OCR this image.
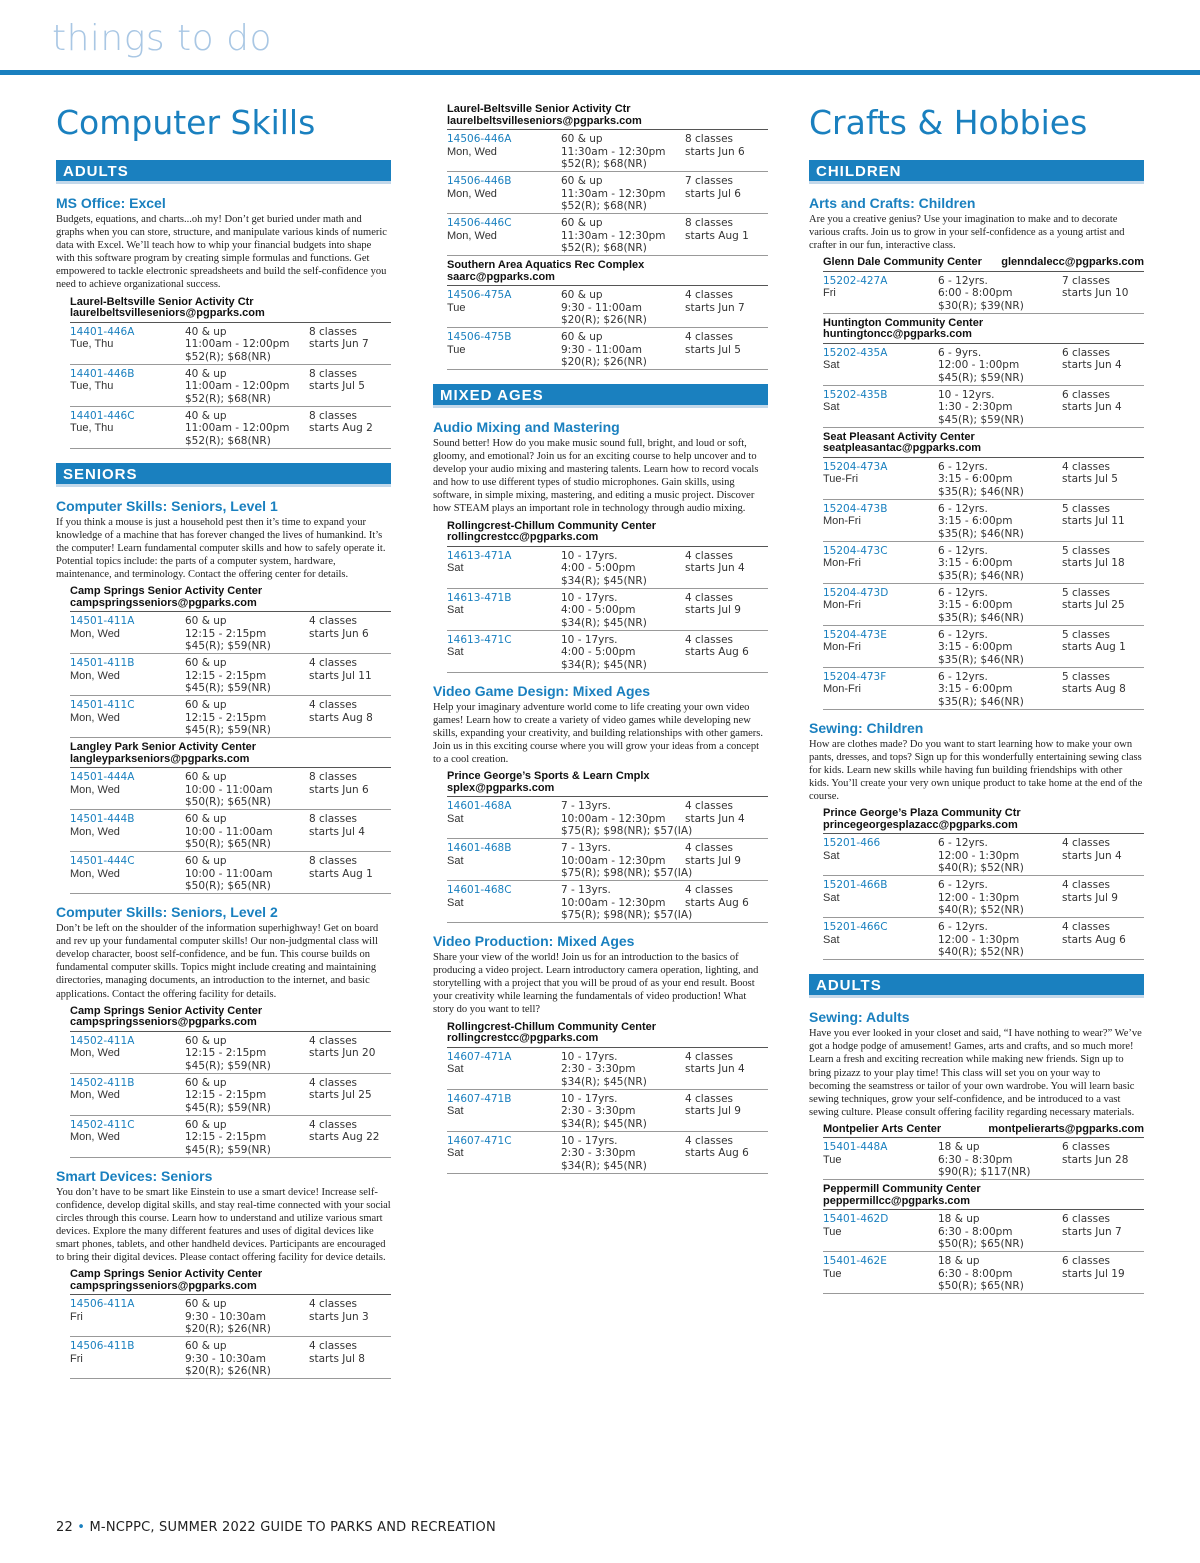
things to do
Computer Skills
ADULTS
MS Office: Excel
Budgets, equations, and charts...oh my! Don’t get buried under math and graphs when you can store, structure, and manipulate various kinds of numeric data with Excel. We’ll teach how to whip your financial budgets into shape with this software program by creating simple formulas and functions. Get empowered to tackle electronic spreadsheets and build the self-confidence you need to achieve organizational success.
Laurel-Beltsville Senior Activity Ctr
laurelbeltsvilleseniors@pgparks.com
14401-446A
Tue, Thu
40 & up
11:00am - 12:00pm
$52(R); $68(NR)
8 classes
starts Jun 7
14401-446B
Tue, Thu
40 & up
11:00am - 12:00pm
$52(R); $68(NR)
8 classes
starts Jul 5
14401-446C
Tue, Thu
40 & up
11:00am - 12:00pm
$52(R); $68(NR)
8 classes
starts Aug 2
SENIORS
Computer Skills: Seniors, Level 1
If you think a mouse is just a household pest then it’s time to expand your knowledge of a machine that has forever changed the lives of humankind. It’s the computer! Learn fundamental computer skills and how to safely operate it. Potential topics include: the parts of a computer system, hardware, maintenance, and terminology. Contact the offering center for details.
Camp Springs Senior Activity Center
campspringsseniors@pgparks.com
14501-411A
Mon, Wed
60 & up
12:15 - 2:15pm
$45(R); $59(NR)
4 classes
starts Jun 6
14501-411B
Mon, Wed
60 & up
12:15 - 2:15pm
$45(R); $59(NR)
4 classes
starts Jul 11
14501-411C
Mon, Wed
60 & up
12:15 - 2:15pm
$45(R); $59(NR)
4 classes
starts Aug 8
Langley Park Senior Activity Center
langleyparkseniors@pgparks.com
14501-444A
Mon, Wed
60 & up
10:00 - 11:00am
$50(R); $65(NR)
8 classes
starts Jun 6
14501-444B
Mon, Wed
60 & up
10:00 - 11:00am
$50(R); $65(NR)
8 classes
starts Jul 4
14501-444C
Mon, Wed
60 & up
10:00 - 11:00am
$50(R); $65(NR)
8 classes
starts Aug 1
Computer Skills: Seniors, Level 2
Don’t be left on the shoulder of the information superhighway! Get on board and rev up your fundamental computer skills! Our non-judgmental class will develop character, boost self-confidence, and be fun. This course builds on fundamental computer skills. Topics might include creating and maintaining directories, managing documents, an introduction to the internet, and basic applications. Contact the offering facility for details.
Camp Springs Senior Activity Center
campspringsseniors@pgparks.com
14502-411A
Mon, Wed
60 & up
12:15 - 2:15pm
$45(R); $59(NR)
4 classes
starts Jun 20
14502-411B
Mon, Wed
60 & up
12:15 - 2:15pm
$45(R); $59(NR)
4 classes
starts Jul 25
14502-411C
Mon, Wed
60 & up
12:15 - 2:15pm
$45(R); $59(NR)
4 classes
starts Aug 22
Smart Devices: Seniors
You don’t have to be smart like Einstein to use a smart device! Increase self-confidence, develop digital skills, and stay real-time connected with your social circles through this course. Learn how to understand and utilize various smart devices. Explore the many different features and uses of digital devices like smart phones, tablets, and other handheld devices. Participants are encouraged to bring their digital devices. Please contact offering facility for device details.
Camp Springs Senior Activity Center
campspringsseniors@pgparks.com
14506-411A
Fri
60 & up
9:30 - 10:30am
$20(R); $26(NR)
4 classes
starts Jun 3
14506-411B
Fri
60 & up
9:30 - 10:30am
$20(R); $26(NR)
4 classes
starts Jul 8
Laurel-Beltsville Senior Activity Ctr
laurelbeltsvilleseniors@pgparks.com
14506-446A
Mon, Wed
60 & up
11:30am - 12:30pm
$52(R); $68(NR)
8 classes
starts Jun 6
14506-446B
Mon, Wed
60 & up
11:30am - 12:30pm
$52(R); $68(NR)
7 classes
starts Jul 6
14506-446C
Mon, Wed
60 & up
11:30am - 12:30pm
$52(R); $68(NR)
8 classes
starts Aug 1
Southern Area Aquatics Rec Complex
saarc@pgparks.com
14506-475A
Tue
60 & up
9:30 - 11:00am
$20(R); $26(NR)
4 classes
starts Jun 7
14506-475B
Tue
60 & up
9:30 - 11:00am
$20(R); $26(NR)
4 classes
starts Jul 5
MIXED AGES
Audio Mixing and Mastering
Sound better! How do you make music sound full, bright, and loud or soft, gloomy, and emotional? Join us for an exciting course to help uncover and to develop your audio mixing and mastering talents. Learn how to record vocals and how to use different types of studio microphones. Gain skills, using software, in simple mixing, mastering, and editing a music project. Discover how STEAM plays an important role in technology through audio mixing.
Rollingcrest-Chillum Community Center
rollingcrestcc@pgparks.com
14613-471A
Sat
10 - 17yrs.
4:00 - 5:00pm
$34(R); $45(NR)
4 classes
starts Jun 4
14613-471B
Sat
10 - 17yrs.
4:00 - 5:00pm
$34(R); $45(NR)
4 classes
starts Jul 9
14613-471C
Sat
10 - 17yrs.
4:00 - 5:00pm
$34(R); $45(NR)
4 classes
starts Aug 6
Video Game Design: Mixed Ages
Help your imaginary adventure world come to life creating your own video games! Learn how to create a variety of video games while developing new skills, expanding your creativity, and building relationships with other gamers. Join us in this exciting course where you will grow your ideas from a concept to a cool creation.
Prince George’s Sports & Learn Cmplx
splex@pgparks.com
14601-468A
Sat
7 - 13yrs.
10:00am - 12:30pm
$75(R); $98(NR); $57(IA)
4 classes
starts Jun 4
14601-468B
Sat
7 - 13yrs.
10:00am - 12:30pm
$75(R); $98(NR); $57(IA)
4 classes
starts Jul 9
14601-468C
Sat
7 - 13yrs.
10:00am - 12:30pm
$75(R); $98(NR); $57(IA)
4 classes
starts Aug 6
Video Production: Mixed Ages
Share your view of the world! Join us for an introduction to the basics of producing a video project. Learn introductory camera operation, lighting, and storytelling with a project that you will be proud of as your end result. Boost your creativity while learning the fundamentals of video production! What story do you want to tell?
Rollingcrest-Chillum Community Center
rollingcrestcc@pgparks.com
14607-471A
Sat
10 - 17yrs.
2:30 - 3:30pm
$34(R); $45(NR)
4 classes
starts Jun 4
14607-471B
Sat
10 - 17yrs.
2:30 - 3:30pm
$34(R); $45(NR)
4 classes
starts Jul 9
14607-471C
Sat
10 - 17yrs.
2:30 - 3:30pm
$34(R); $45(NR)
4 classes
starts Aug 6
Crafts & Hobbies
CHILDREN
Arts and Crafts: Children
Are you a creative genius? Use your imagination to make and to decorate various crafts. Join us to grow in your self-confidence as a young artist and crafter in our fun, interactive class.
Glenn Dale Community Center glenndalecc@pgparks.com
15202-427A
Fri
6 - 12yrs.
6:00 - 8:00pm
$30(R); $39(NR)
7 classes
starts Jun 10
Huntington Community Center
huntingtoncc@pgparks.com
15202-435A
Sat
6 - 9yrs.
12:00 - 1:00pm
$45(R); $59(NR)
6 classes
starts Jun 4
15202-435B
Sat
10 - 12yrs.
1:30 - 2:30pm
$45(R); $59(NR)
6 classes
starts Jun 4
Seat Pleasant Activity Center
seatpleasantac@pgparks.com
15204-473A
Tue-Fri
6 - 12yrs.
3:15 - 6:00pm
$35(R); $46(NR)
4 classes
starts Jul 5
15204-473B
Mon-Fri
6 - 12yrs.
3:15 - 6:00pm
$35(R); $46(NR)
5 classes
starts Jul 11
15204-473C
Mon-Fri
6 - 12yrs.
3:15 - 6:00pm
$35(R); $46(NR)
5 classes
starts Jul 18
15204-473D
Mon-Fri
6 - 12yrs.
3:15 - 6:00pm
$35(R); $46(NR)
5 classes
starts Jul 25
15204-473E
Mon-Fri
6 - 12yrs.
3:15 - 6:00pm
$35(R); $46(NR)
5 classes
starts Aug 1
15204-473F
Mon-Fri
6 - 12yrs.
3:15 - 6:00pm
$35(R); $46(NR)
5 classes
starts Aug 8
Sewing: Children
How are clothes made? Do you want to start learning how to make your own pants, dresses, and tops? Sign up for this wonderfully entertaining sewing class for kids. Learn new skills while having fun building friendships with other kids. You’ll create your very own unique product to take home at the end of the course.
Prince George’s Plaza Community Ctr
princegeorgesplazacc@pgparks.com
15201-466
Sat
6 - 12yrs.
12:00 - 1:30pm
$40(R); $52(NR)
4 classes
starts Jun 4
15201-466B
Sat
6 - 12yrs.
12:00 - 1:30pm
$40(R); $52(NR)
4 classes
starts Jul 9
15201-466C
Sat
6 - 12yrs.
12:00 - 1:30pm
$40(R); $52(NR)
4 classes
starts Aug 6
ADULTS
Sewing: Adults
Have you ever looked in your closet and said, “I have nothing to wear?” We’ve got a hodge podge of amusement! Games, arts and crafts, and so much more! Learn a fresh and exciting recreation while making new friends. Sign up to bring pizazz to your play time! This class will set you on your way to becoming the seamstress or tailor of your own wardrobe. You will learn basic sewing techniques, grow your self-confidence, and be introduced to a vast sewing culture. Please consult offering facility regarding necessary materials.
Montpelier Arts Center	montpelierarts@pgparks.com
15401-448A
Tue
18 & up
6:30 - 8:30pm
$90(R); $117(NR)
6 classes
starts Jun 28
Peppermill Community Center
peppermillcc@pgparks.com
15401-462D
Tue
18 & up
6:30 - 8:00pm
$50(R); $65(NR)
6 classes
starts Jun 7
15401-462E
Tue
18 & up
6:30 - 8:00pm
$50(R); $65(NR)
6 classes
starts Jul 19
22 • M-NCPPC, SUMMER 2022 GUIDE TO PARKS AND RECREATION
